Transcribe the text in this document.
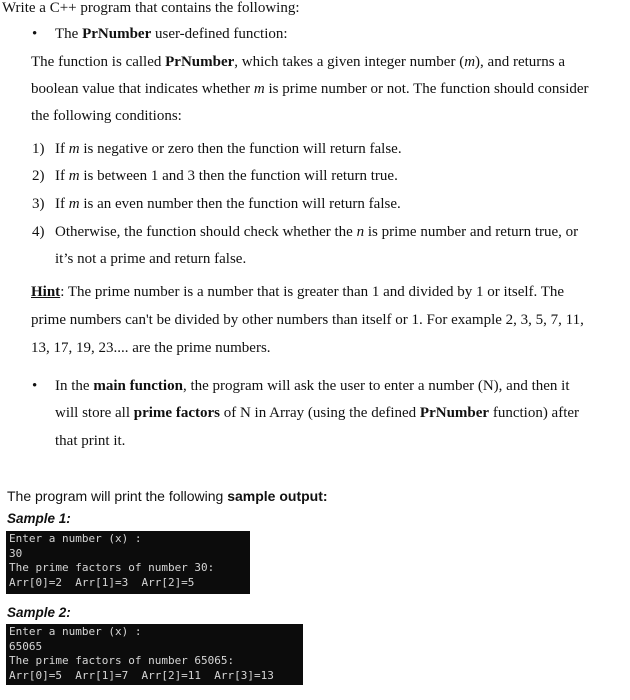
Write a C++ program that contains the following:
• The PrNumber user-defined function:
The function is called PrNumber, which takes a given integer number (m), and returns a
boolean value that indicates whether m is prime number or not. The function should consider
the following conditions:
1) If m is negative or zero then the function will return false.
2) If m is between 1 and 3 then the function will return true.
3) If m is an even number then the function will return false.
4) Otherwise, the function should check whether the n is prime number and return true, or
it’s not a prime and return false.
Hint: The prime number is a number that is greater than 1 and divided by 1 or itself. The
prime numbers can't be divided by other numbers than itself or 1. For example 2, 3, 5, 7, 11,
13, 17, 19, 23.... are the prime numbers.
• In the main function, the program will ask the user to enter a number (N), and then it
will store all prime factors of N in Array (using the defined PrNumber function) after
that print it.
The program will print the following sample output:
Sample 1:
Enter a number (x) :
30
The prime factors of number 30:
Arr[0]=2  Arr[1]=3  Arr[2]=5
Sample 2:
Enter a number (x) :
65065
The prime factors of number 65065:
Arr[0]=5  Arr[1]=7  Arr[2]=11  Arr[3]=13
